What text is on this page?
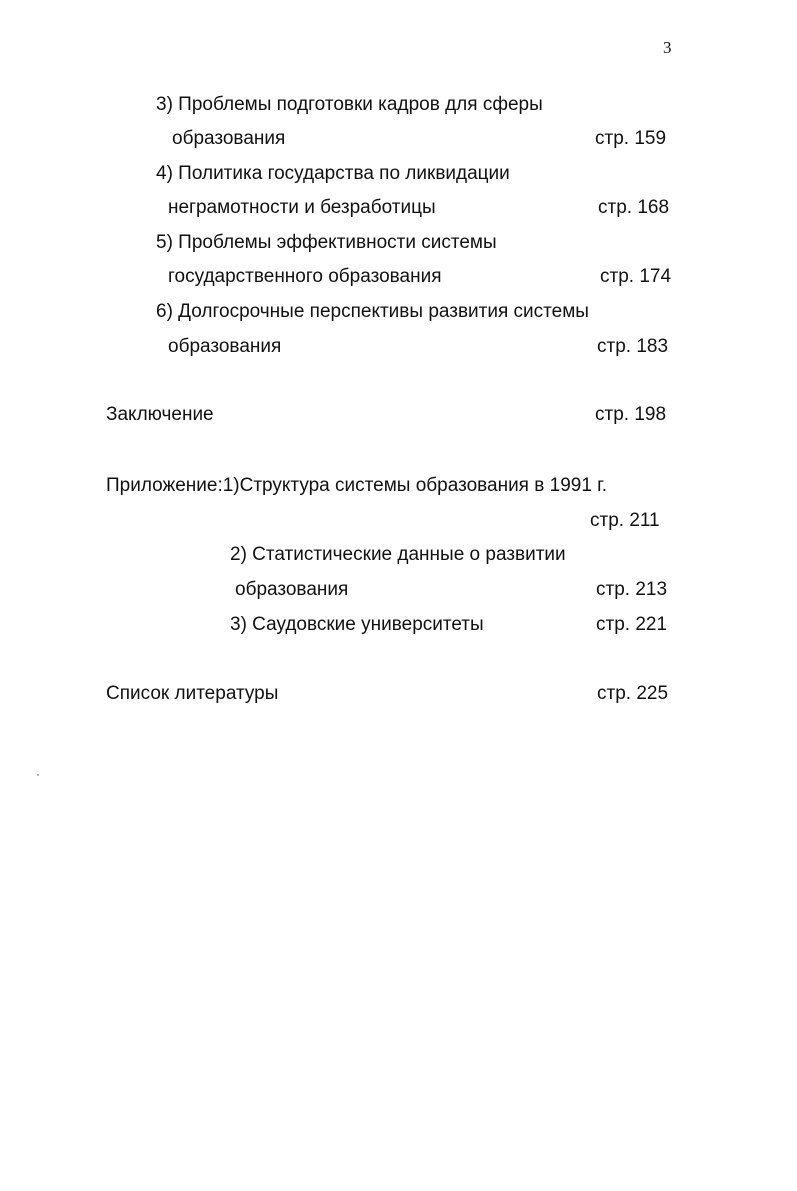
3
3) Проблемы подготовки кадров для сферы
образования	стр. 159
4) Политика государства по ликвидации
неграмотности и безработицы	стр. 168
5) Проблемы эффективности системы
государственного образования	стр. 174
6) Долгосрочные перспективы развития системы
образования	стр. 183
Заключение	стр. 198
Приложение:1)Структура системы образования в 1991 г.
стр. 211
2) Статистические данные о развитии
образования	стр. 213
3) Саудовские университеты	стр. 221
Список литературы	стр. 225
